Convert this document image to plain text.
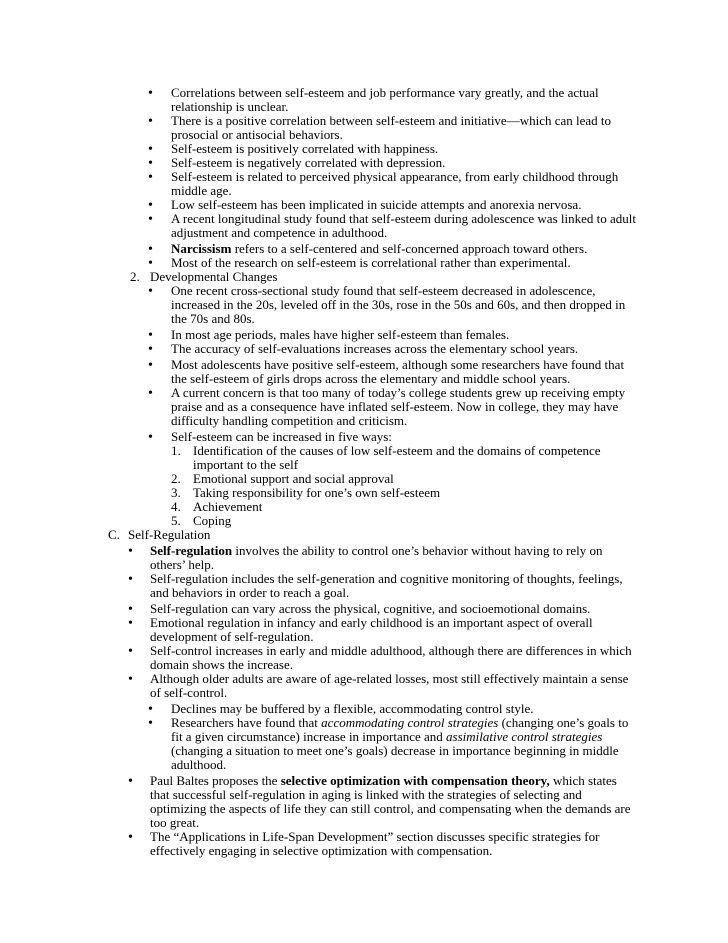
•
Correlations between self-esteem and job performance vary greatly, and the actual
relationship is unclear.
•
There is a positive correlation between self-esteem and initiative—which can lead to
prosocial or antisocial behaviors.
•
Self-esteem is positively correlated with happiness.
•
Self-esteem is negatively correlated with depression.
•
Self-esteem is related to perceived physical appearance, from early childhood through
middle age.
•
Low self-esteem has been implicated in suicide attempts and anorexia nervosa.
•
A recent longitudinal study found that self-esteem during adolescence was linked to adult
adjustment and competence in adulthood.
•
Narcissism refers to a self-centered and self-concerned approach toward others.
•
Most of the research on self-esteem is correlational rather than experimental.
2. Developmental Changes
•
One recent cross-sectional study found that self-esteem decreased in adolescence,
increased in the 20s, leveled off in the 30s, rose in the 50s and 60s, and then dropped in
the 70s and 80s.
•
In most age periods, males have higher self-esteem than females.
•
The accuracy of self-evaluations increases across the elementary school years.
•
Most adolescents have positive self-esteem, although some researchers have found that
the self-esteem of girls drops across the elementary and middle school years.
•
A current concern is that too many of today’s college students grew up receiving empty
praise and as a consequence have inflated self-esteem. Now in college, they may have
difficulty handling competition and criticism.
•
Self-esteem can be increased in five ways:
1. Identification of the causes of low self-esteem and the domains of competence
important to the self
2. Emotional support and social approval
3. Taking responsibility for one’s own self-esteem
4. Achievement
5. Coping
C. Self-Regulation
•
Self-regulation involves the ability to control one’s behavior without having to rely on
others’ help.
•
Self-regulation includes the self-generation and cognitive monitoring of thoughts, feelings,
and behaviors in order to reach a goal.
•
Self-regulation can vary across the physical, cognitive, and socioemotional domains.
•
Emotional regulation in infancy and early childhood is an important aspect of overall
development of self-regulation.
•
Self-control increases in early and middle adulthood, although there are differences in which
domain shows the increase.
•
Although older adults are aware of age-related losses, most still effectively maintain a sense
of self-control.
•
Declines may be buffered by a flexible, accommodating control style.
•
Researchers have found that accommodating control strategies (changing one’s goals to
fit a given circumstance) increase in importance and assimilative control strategies
(changing a situation to meet one’s goals) decrease in importance beginning in middle
adulthood.
•
Paul Baltes proposes the selective optimization with compensation theory, which states
that successful self-regulation in aging is linked with the strategies of selecting and
optimizing the aspects of life they can still control, and compensating when the demands are
too great.
•
The “Applications in Life-Span Development” section discusses specific strategies for
effectively engaging in selective optimization with compensation.
